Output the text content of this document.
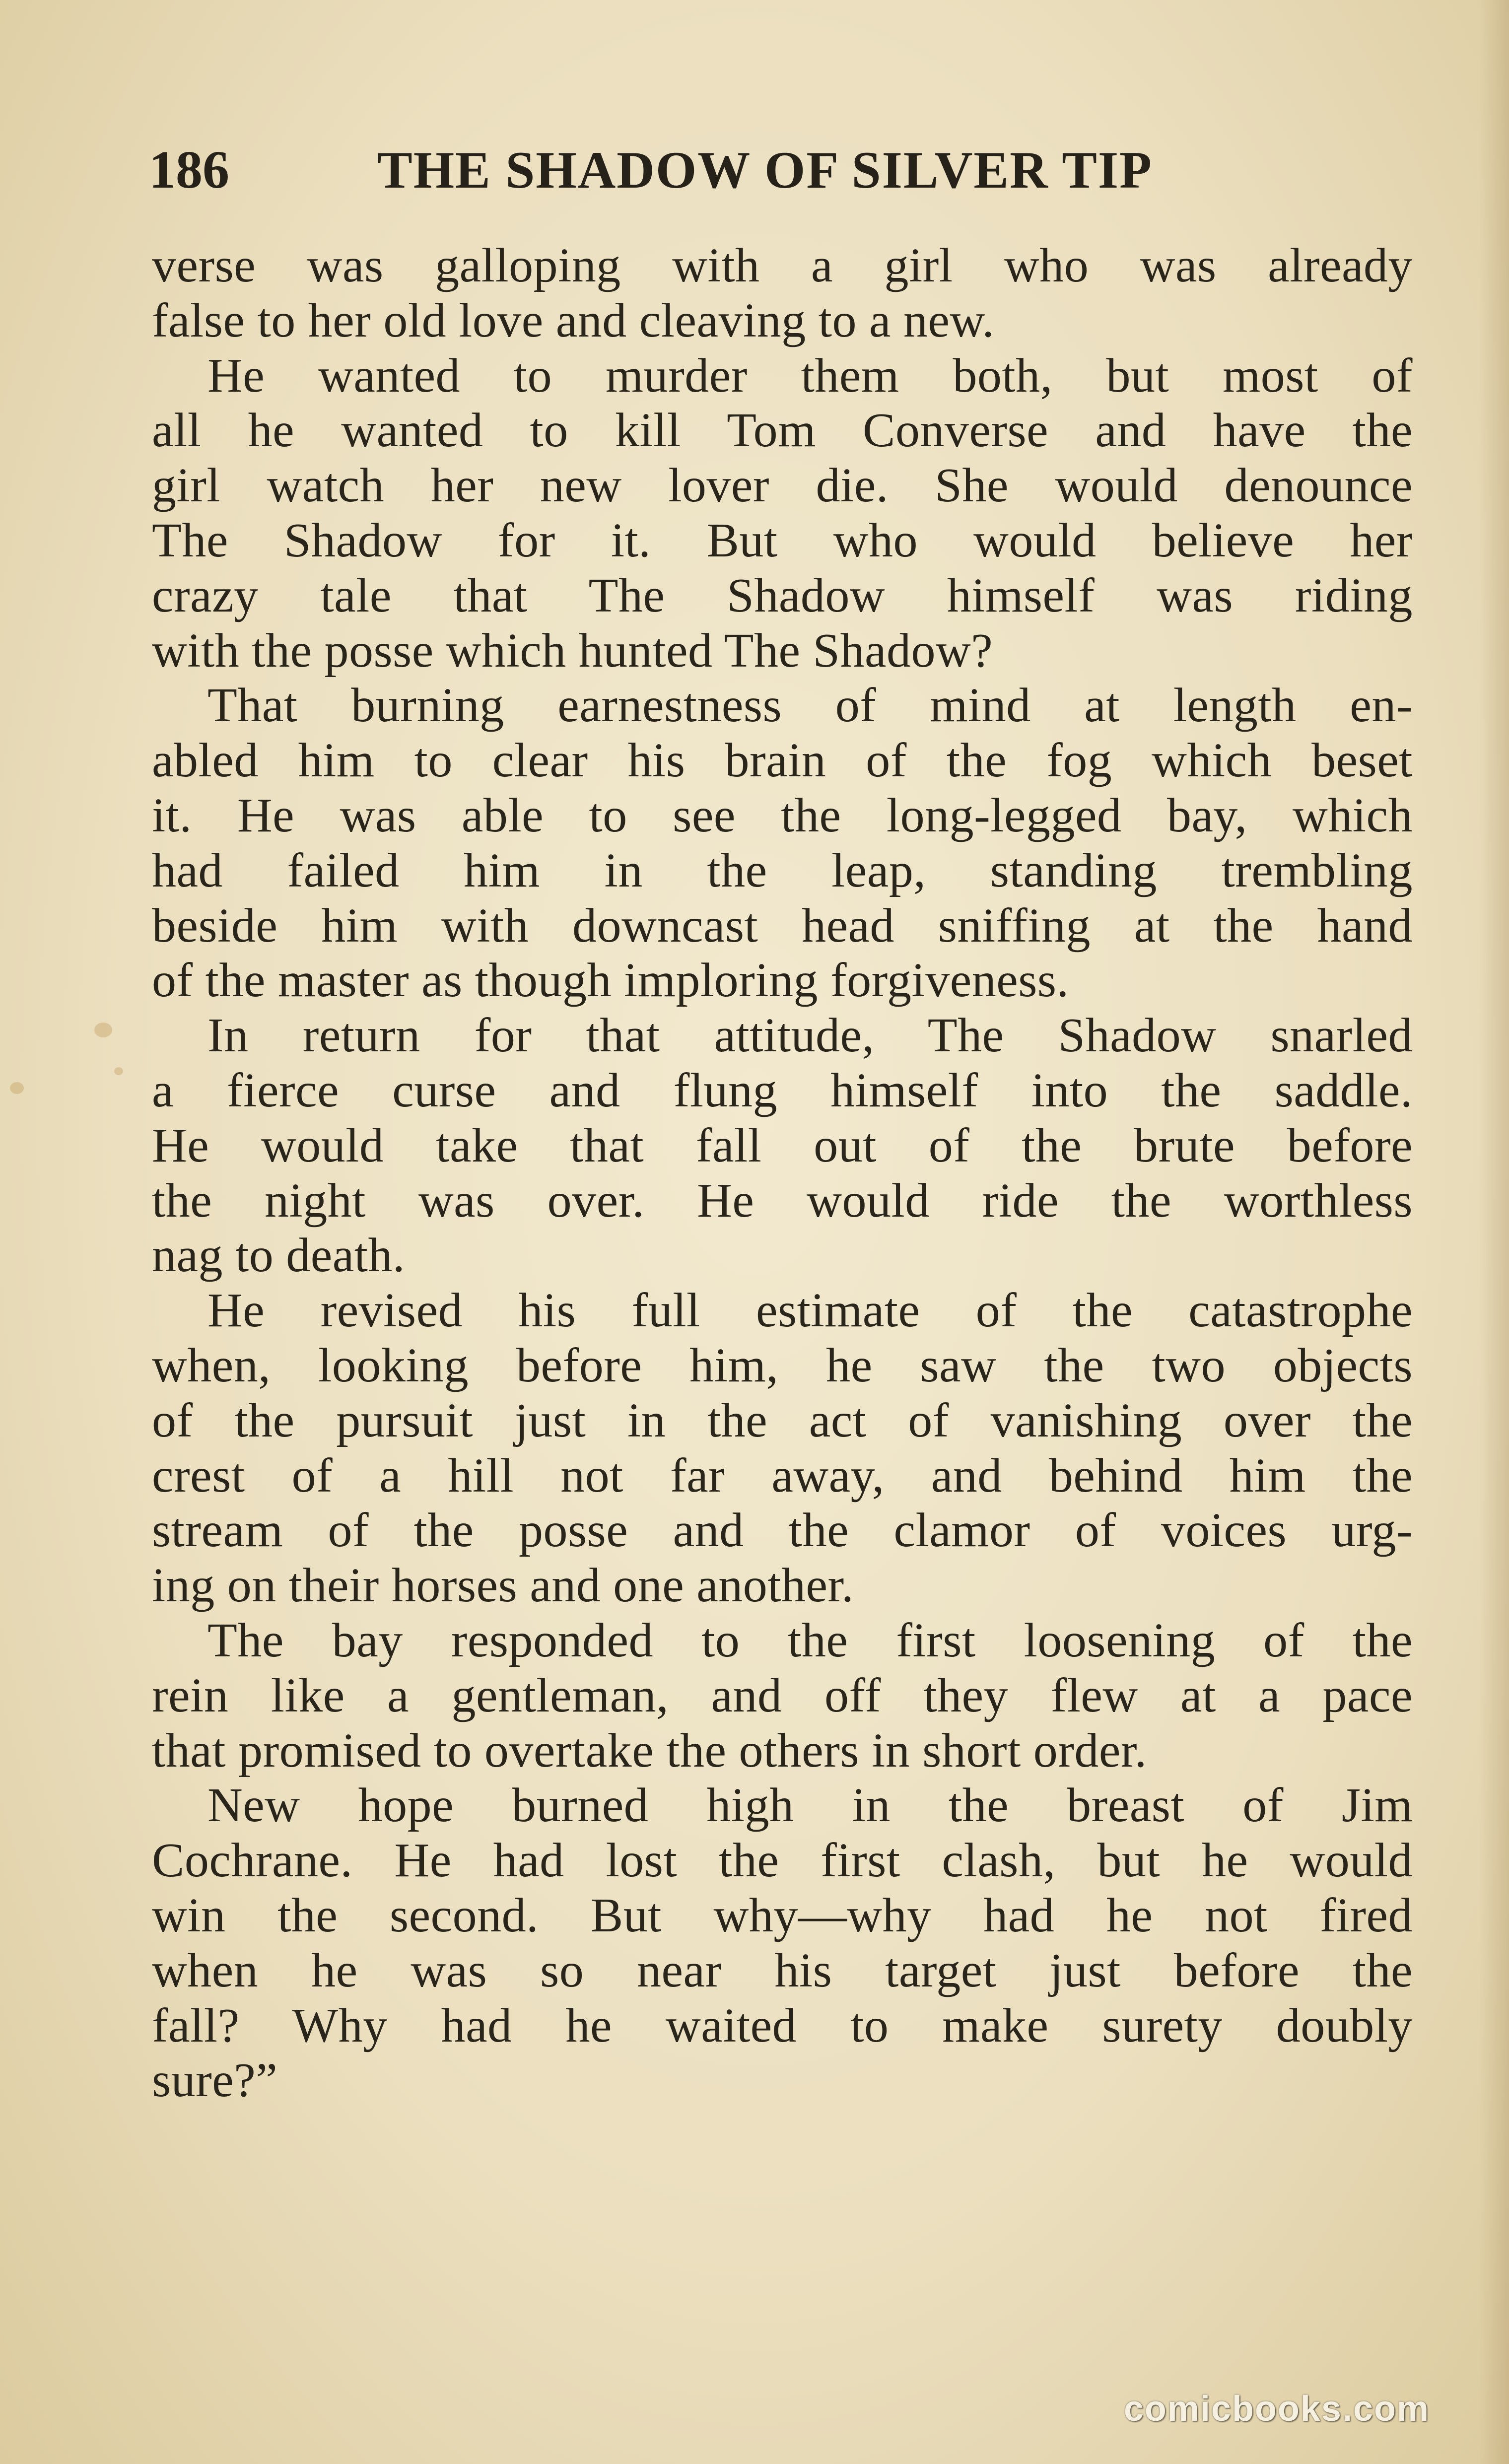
186	THE SHADOW OF SILVER TIP
verse was galloping with a girl who was already
false to her old love and cleaving to a new.
He wanted to murder them both, but most of
all he wanted to kill Tom Converse and have the
girl watch her new lover die. She would denounce
The Shadow for it. But who would believe her
crazy tale that The Shadow himself was riding
with the posse which hunted The Shadow?
That burning earnestness of mind at length en-
abled him to clear his brain of the fog which beset
it. He was able to see the long-legged bay, which
had failed him in the leap, standing trembling
beside him with downcast head sniffing at the hand
of the master as though imploring forgiveness.
In return for that attitude, The Shadow snarled
a fierce curse and flung himself into the saddle.
He would take that fall out of the brute before
the night was over. He would ride the worthless
nag to death.
He revised his full estimate of the catastrophe
when, looking before him, he saw the two objects
of the pursuit just in the act of vanishing over the
crest of a hill not far away, and behind him the
stream of the posse and the clamor of voices urg-
ing on their horses and one another.
The bay responded to the first loosening of the
rein like a gentleman, and off they flew at a pace
that promised to overtake the others in short order.
New hope burned high in the breast of Jim
Cochrane. He had lost the first clash, but he would
win the second. But why—why had he not fired
when he was so near his target just before the
fall? Why had he waited to make surety doubly
sure?”
comicbooks.com
